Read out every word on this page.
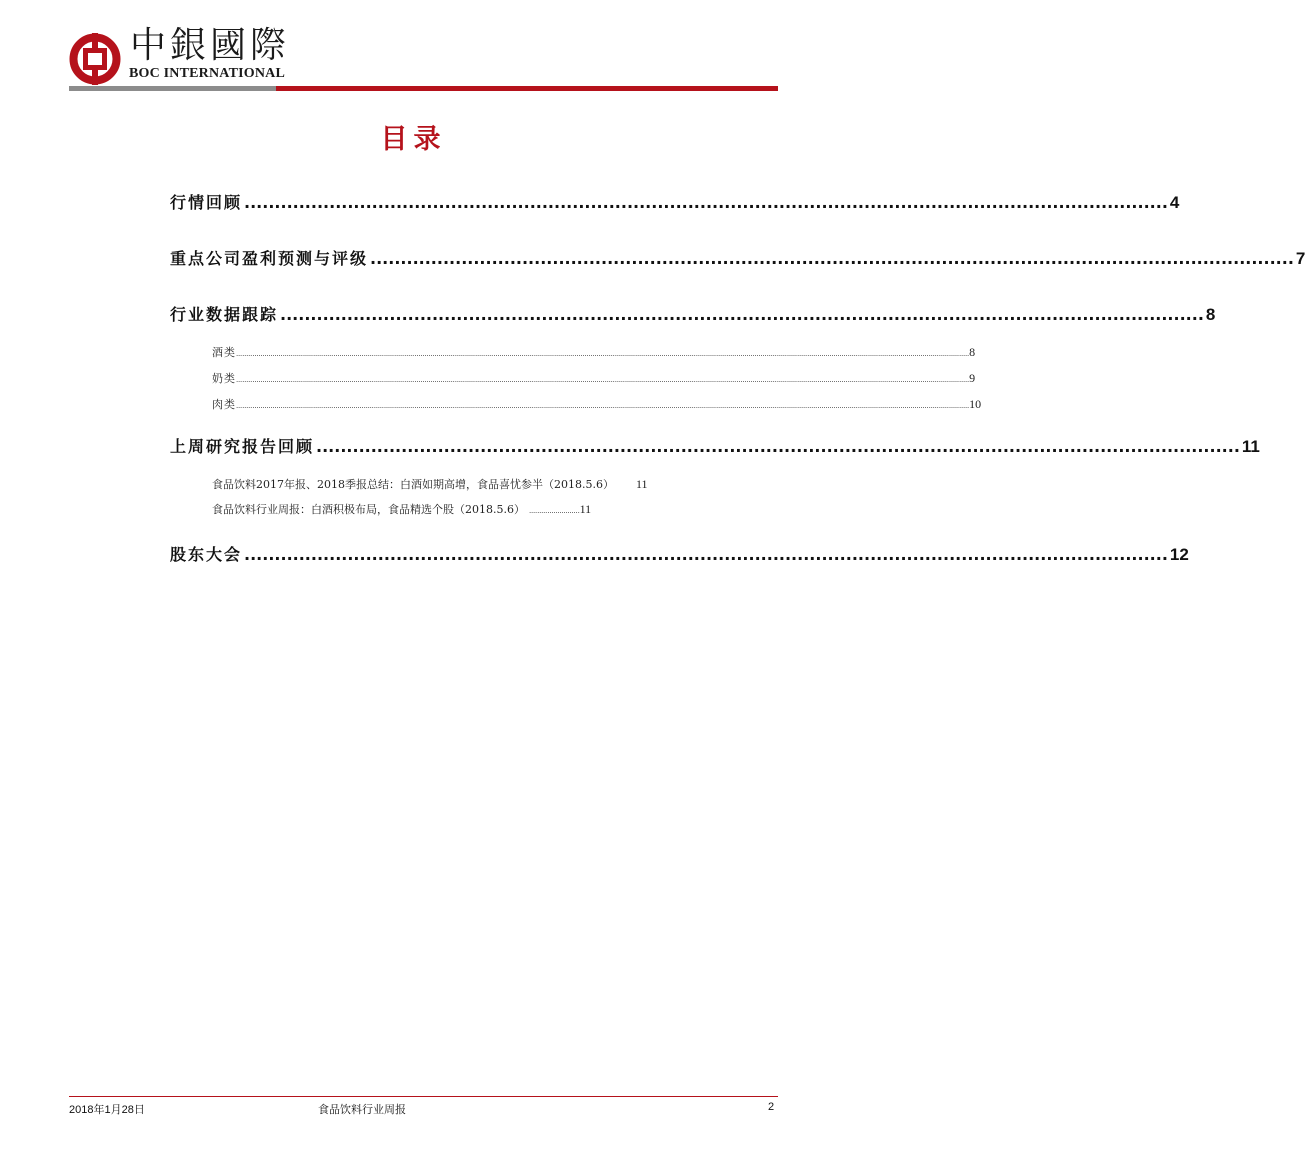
中銀國際
BOC INTERNATIONAL
目录
行情回顾 ........................................................................................................................................................ 4
重点公司盈利预测与评级 ........................................................................................................................................................ 7
行业数据跟踪 ........................................................................................................................................................ 8
酒类 .......................................................................................................................................................................................................................................................................................................................................................................... 8
奶类 .......................................................................................................................................................................................................................................................................................................................................................................... 9
肉类 .......................................................................................................................................................................................................................................................................................................................................................................... 10
上周研究报告回顾 ........................................................................................................................................................ 11
食品饮料2017年报、2018季报总结：白酒如期高增，食品喜忧参半（2018.5.6） 11
食品饮料行业周报：白酒积极布局，食品精选个股（2018.5.6） ......................... 11
股东大会 ........................................................................................................................................................ 12
2018年1月28日	食品饮料行业周报	2
